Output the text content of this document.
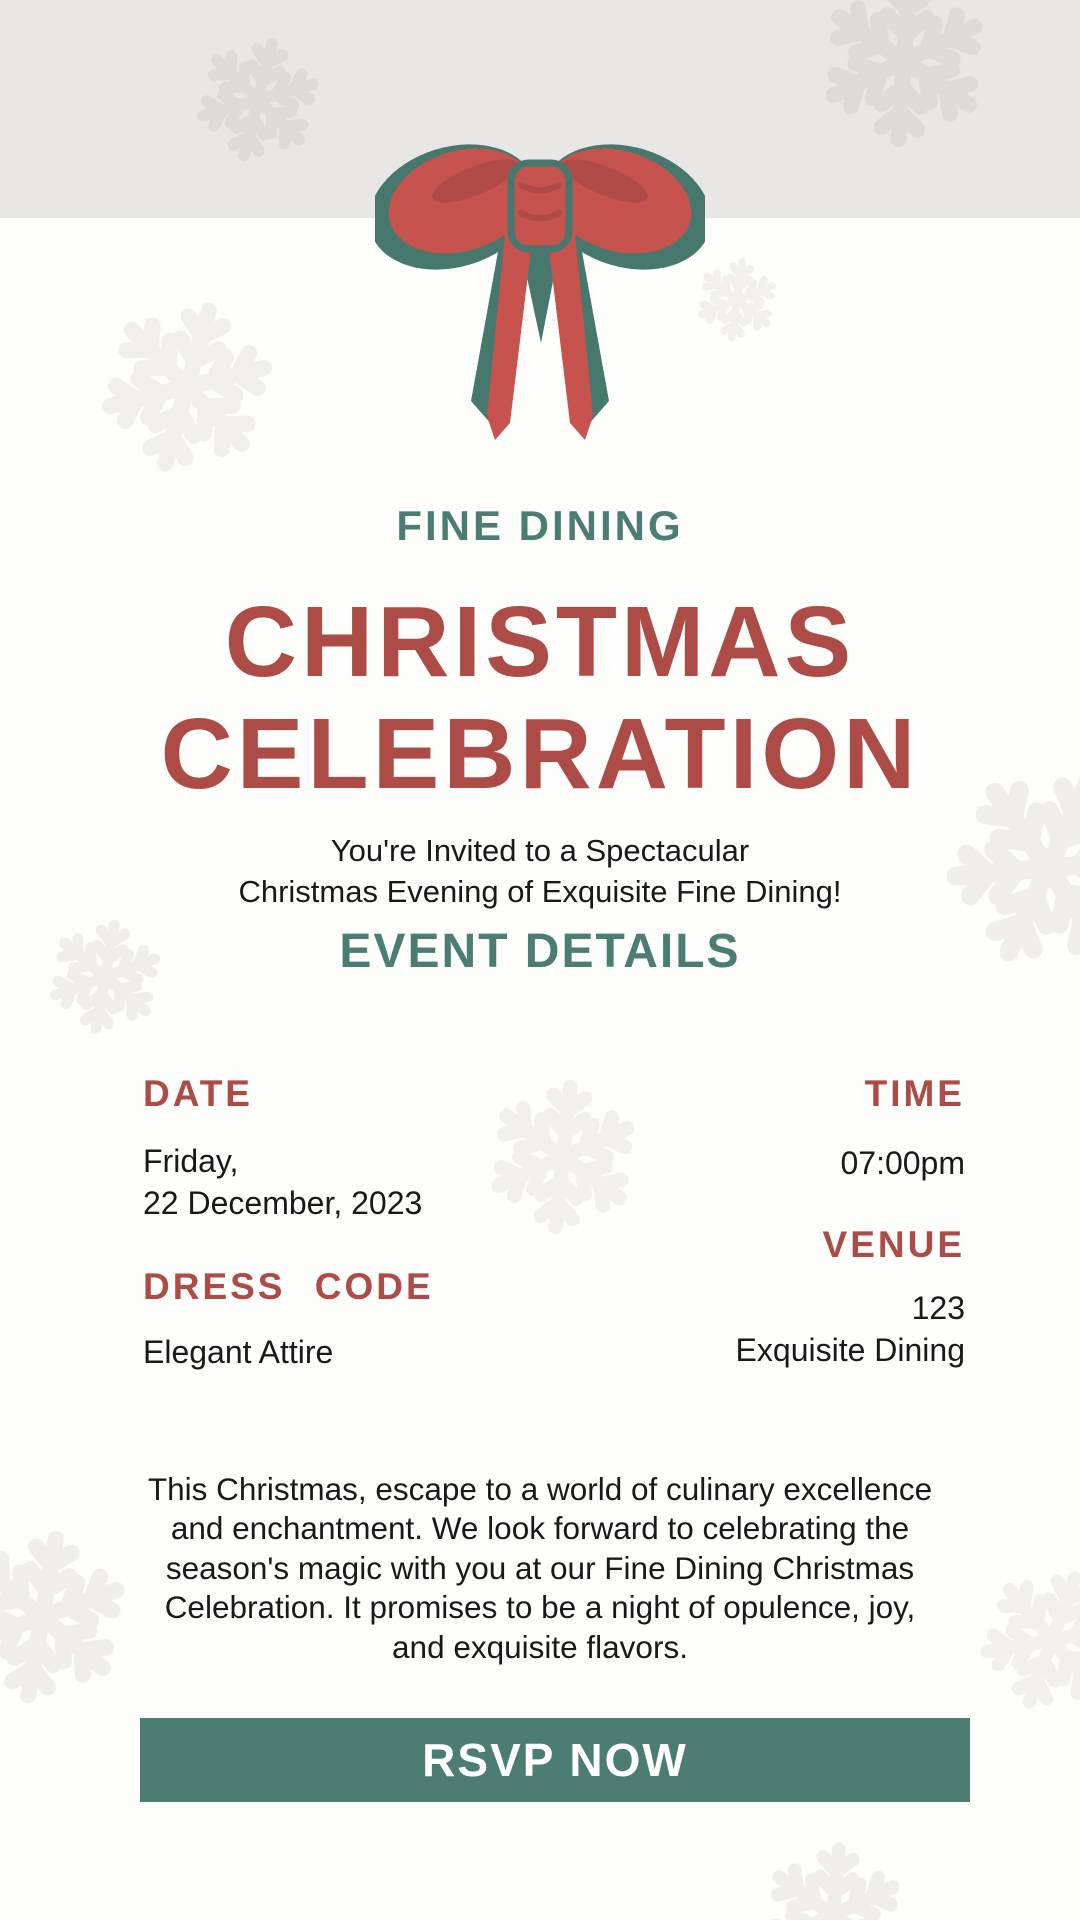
FINE DINING
CHRISTMAS
CELEBRATION
You're Invited to a Spectacular
Christmas Evening of Exquisite Fine Dining!
EVENT DETAILS
DATE
Friday,
22 December, 2023
DRESS CODE
Elegant Attire
TIME
07:00pm
VENUE
123
Exquisite Dining
This Christmas, escape to a world of culinary excellence and enchantment. We look forward to celebrating the season's magic with you at our Fine Dining Christmas Celebration. It promises to be a night of opulence, joy, and exquisite flavors.
RSVP NOW
